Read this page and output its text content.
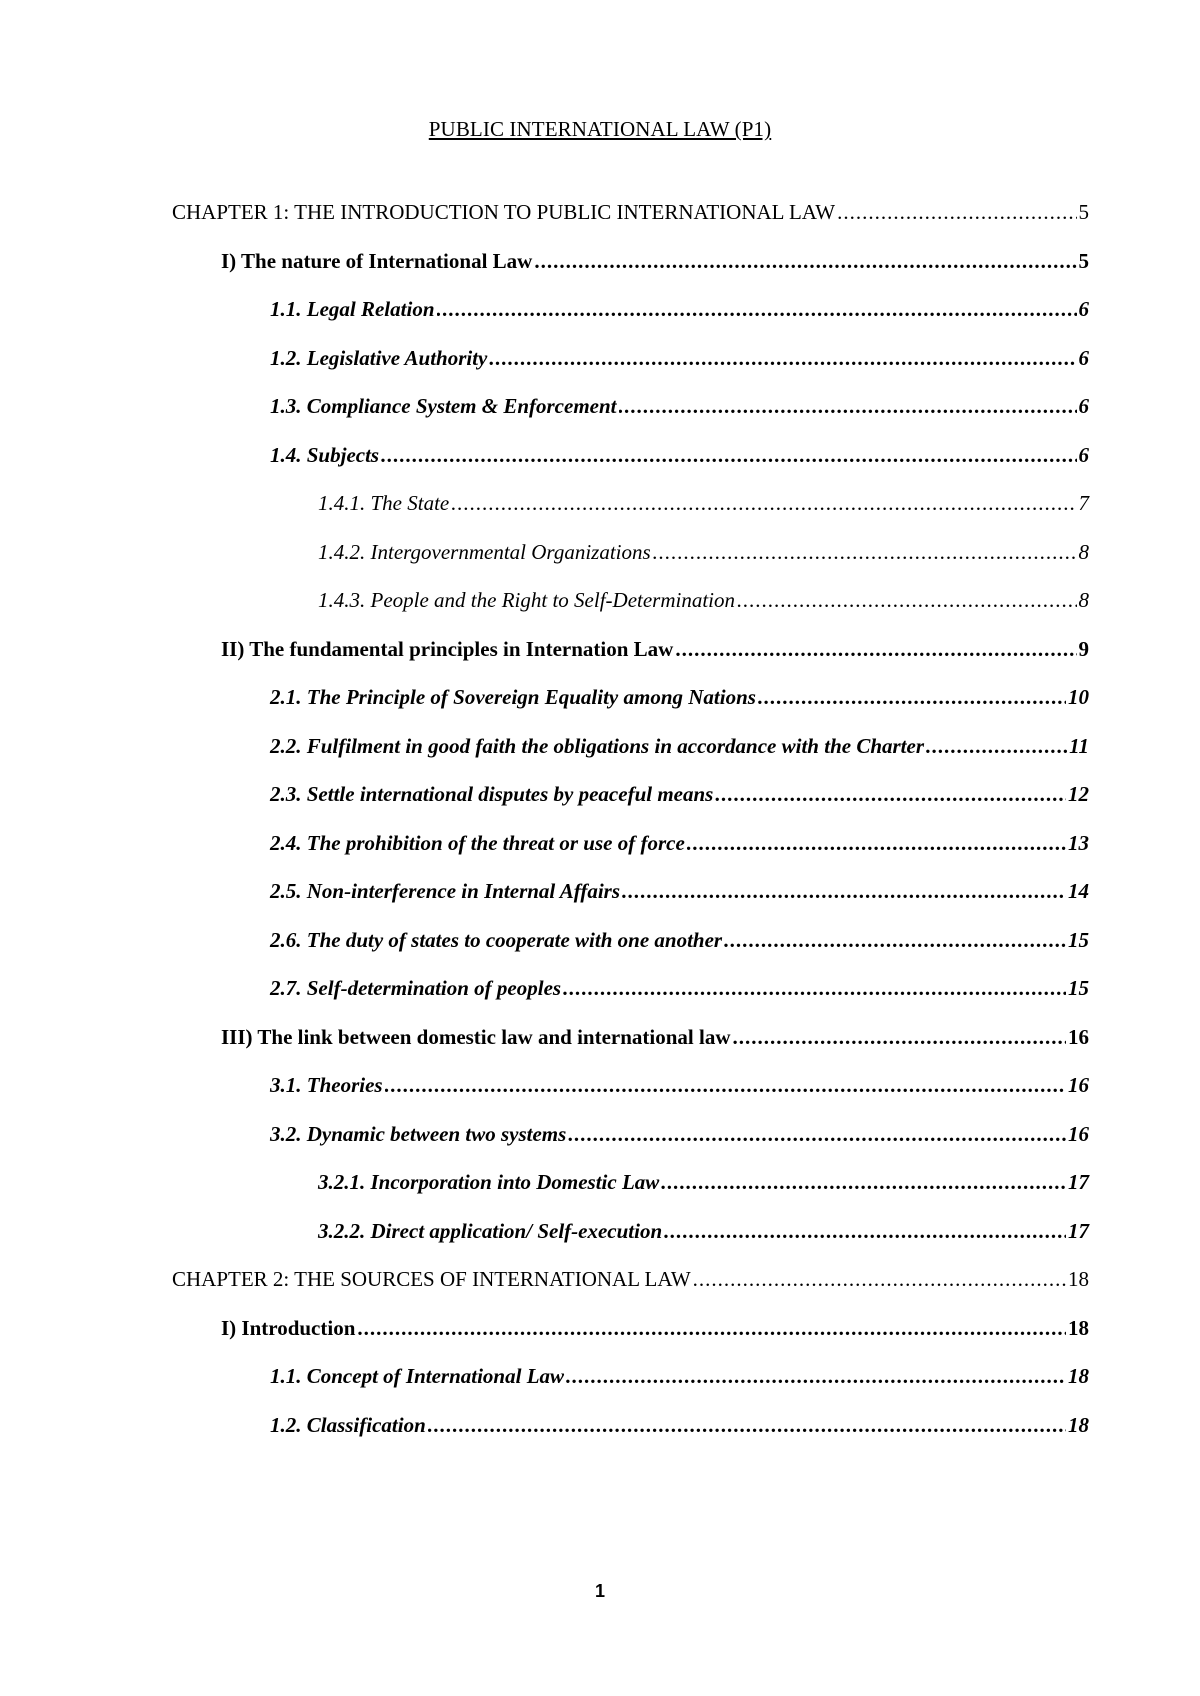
PUBLIC INTERNATIONAL LAW (P1)
CHAPTER 1: THE INTRODUCTION TO PUBLIC INTERNATIONAL LAW .....	5
I) The nature of International Law .....	5
1.1. Legal Relation .....	6
1.2. Legislative Authority .....	6
1.3. Compliance System & Enforcement .....	6
1.4. Subjects .....	6
1.4.1. The State .....	7
1.4.2. Intergovernmental Organizations .....	8
1.4.3. People and the Right to Self-Determination .....	8
II) The fundamental principles in Internation Law .....	9
2.1. The Principle of Sovereign Equality among Nations .....	10
2.2. Fulfilment in good faith the obligations in accordance with the Charter .....	11
2.3. Settle international disputes by peaceful means .....	12
2.4. The prohibition of the threat or use of force .....	13
2.5. Non-interference in Internal Affairs .....	14
2.6. The duty of states to cooperate with one another .....	15
2.7. Self-determination of peoples .....	15
III) The link between domestic law and international law .....	16
3.1. Theories .....	16
3.2. Dynamic between two systems .....	16
3.2.1. Incorporation into Domestic Law .....	17
3.2.2. Direct application/ Self-execution .....	17
CHAPTER 2: THE SOURCES OF INTERNATIONAL LAW .....	18
I) Introduction .....	18
1.1. Concept of International Law .....	18
1.2. Classification .....	18
1
